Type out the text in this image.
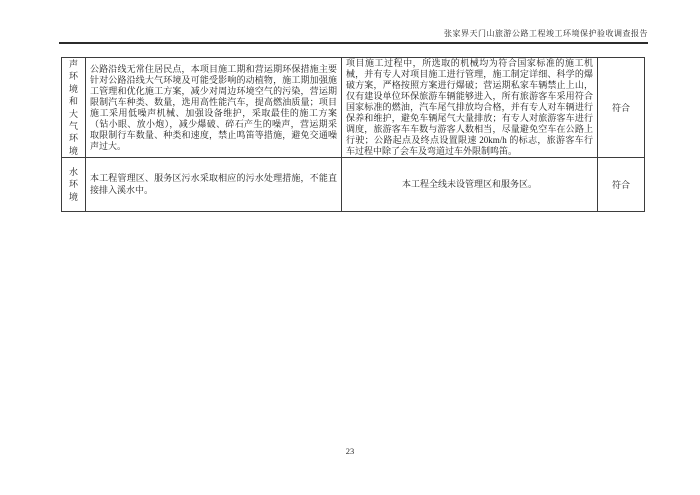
张家界天门山旅游公路工程竣工环境保护验收调查报告
声环境和大气环境
公路沿线无常住居民点，本项目施工期和营运期环保措施主要针对公路沿线大气环境及可能受影响的动植物，施工期加强施工管理和优化施工方案，减少对周边环境空气的污染，营运期限制汽车种类、数量，选用高性能汽车，提高燃油质量；项目施工采用低噪声机械、加强设备维护，采取最佳的施工方案（钻小眼、放小炮），减少爆破、碎石产生的噪声，营运期采取限制行车数量、种类和速度，禁止鸣笛等措施，避免交通噪声过大。
项目施工过程中，所选取的机械均为符合国家标准的施工机械，并有专人对项目施工进行管理，施工制定详细、科学的爆破方案，严格按照方案进行爆破；营运期私家车辆禁止上山，仅有建设单位环保旅游车辆能够进入，所有旅游客车采用符合国家标准的燃油，汽车尾气排放均合格，并有专人对车辆进行保养和维护，避免车辆尾气大量排放；有专人对旅游客车进行调度，旅游客车车数与游客人数相当，尽量避免空车在公路上行驶；公路起点及终点设置限速 20km/h 的标志，旅游客车行车过程中除了会车及弯道过车外限制鸣笛。
符合
水环境
本工程管理区、服务区污水采取相应的污水处理措施，不能直接排入溪水中。
本工程全线未设管理区和服务区。	符合
23
